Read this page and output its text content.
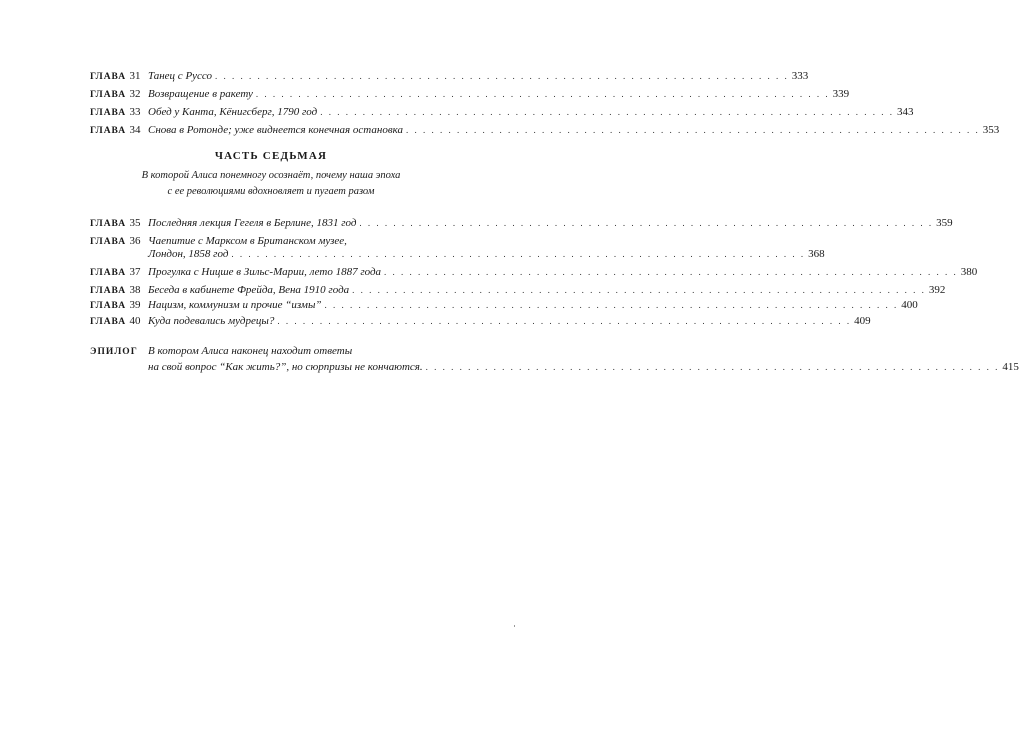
ГЛАВА 31 Танец с Руссо . . . . . . . . . . . . . . . . . . . . . . . . . . . . . . . . . . . . . . . . . . . . . . . . . . . . . . . . . . . . . . . . . . . . 333
ГЛАВА 32 Возвращение в ракету . . . . . . . . . . . . . . . . . . . . . . . . . . . . . . . . . . . . . . . . . . . . . . . . . . . . . . . . . . . . . . . . . . . . 339
ГЛАВА 33 Обед у Канта, Кёнигсберг, 1790 год . . . . . . . . . . . . . . . . . . . . . . . . . . . . . . . . . . . . . . . . . . . . . . . . . . . . . . . . . . . . . . . . . . . . 343
ГЛАВА 34 Снова в Ротонде; уже виднеется конечная остановка . . . . . . . . . . . . . . . . . . . . . . . . . . . . . . . . . . . . . . . . . . . . . . . . . . . . . . . . . . . . . . . . . . . . 353
ЧАСТЬ СЕДЬМАЯ
В которой Алиса понемногу осознаёт, почему наша эпоха
с ее революциями вдохновляет и пугает разом
ГЛАВА 35 Последняя лекция Гегеля в Берлине, 1831 год . . . . . . . . . . . . . . . . . . . . . . . . . . . . . . . . . . . . . . . . . . . . . . . . . . . . . . . . . . . . . . . . . . . . 359
ГЛАВА 36 Чаепитие с Марксом в Британском музее,
Лондон, 1858 год . . . . . . . . . . . . . . . . . . . . . . . . . . . . . . . . . . . . . . . . . . . . . . . . . . . . . . . . . . . . . . . . . . . . 368
ГЛАВА 37 Прогулка с Ницше в Зильс-Марии, лето 1887 года . . . . . . . . . . . . . . . . . . . . . . . . . . . . . . . . . . . . . . . . . . . . . . . . . . . . . . . . . . . . . . . . . . . . 380
ГЛАВА 38 Беседа в кабинете Фрейда, Вена 1910 года . . . . . . . . . . . . . . . . . . . . . . . . . . . . . . . . . . . . . . . . . . . . . . . . . . . . . . . . . . . . . . . . . . . . 392
ГЛАВА 39 Нацизм, коммунизм и прочие “измы” . . . . . . . . . . . . . . . . . . . . . . . . . . . . . . . . . . . . . . . . . . . . . . . . . . . . . . . . . . . . . . . . . . . . 400
ГЛАВА 40 Куда подевались мудрецы? . . . . . . . . . . . . . . . . . . . . . . . . . . . . . . . . . . . . . . . . . . . . . . . . . . . . . . . . . . . . . . . . . . . . 409
ЭПИЛОГ В котором Алиса наконец находит ответы
на свой вопрос “Как жить?”, но сюрпризы не кончаются. . . . . . . . . . . . . . . . . . . . . . . . . . . . . . . . . . . . . . . . . . . . . . . . . . . . . . . . . . . . . . . . . . . . . 415
